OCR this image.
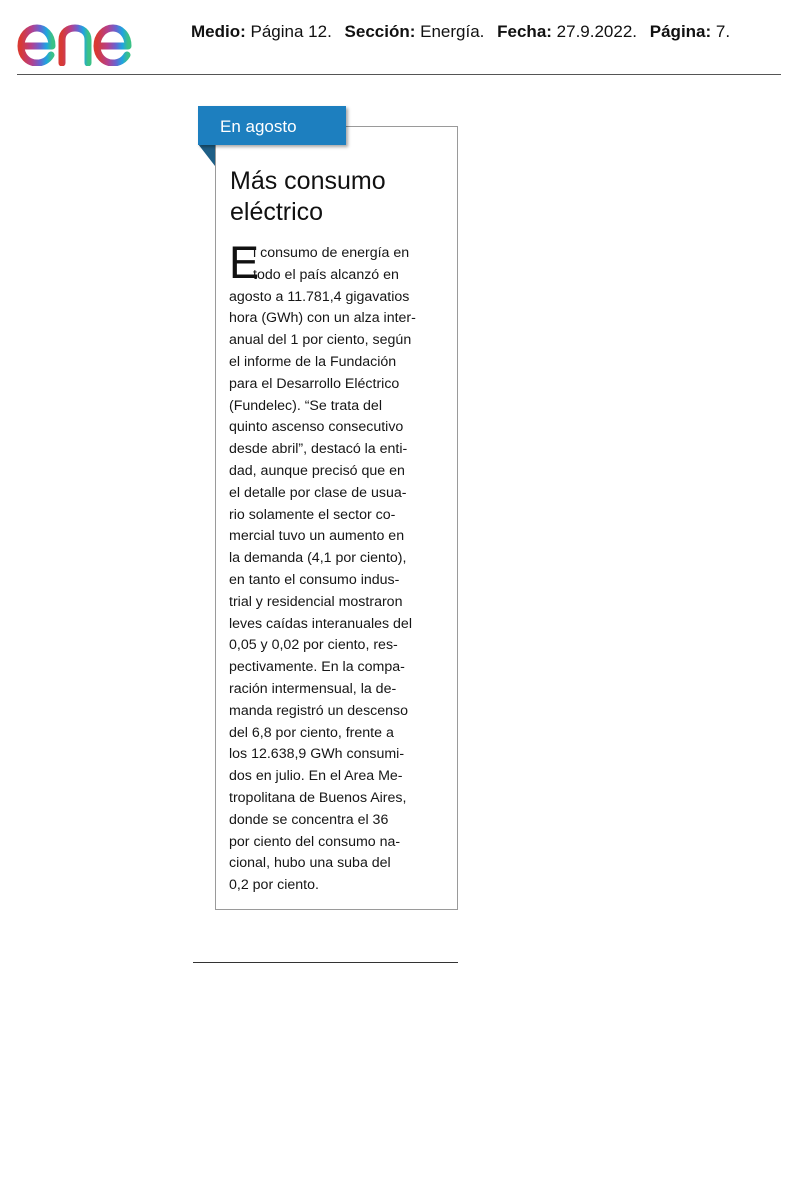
Medio: Página 12. Sección: Energía. Fecha: 27.9.2022. Página: 7.
En agosto
Más consumo
eléctrico
E
l consumo de energía en
todo el país alcanzó en
agosto a 11.781,4 gigavatios
hora (GWh) con un alza inter-
anual del 1 por ciento, según
el informe de la Fundación
para el Desarrollo Eléctrico
(Fundelec). “Se trata del
quinto ascenso consecutivo
desde abril”, destacó la enti-
dad, aunque precisó que en
el detalle por clase de usua-
rio solamente el sector co-
mercial tuvo un aumento en
la demanda (4,1 por ciento),
en tanto el consumo indus-
trial y residencial mostraron
leves caídas interanuales del
0,05 y 0,02 por ciento, res-
pectivamente. En la compa-
ración intermensual, la de-
manda registró un descenso
del 6,8 por ciento, frente a
los 12.638,9 GWh consumi-
dos en julio. En el Area Me-
tropolitana de Buenos Aires,
donde se concentra el 36
por ciento del consumo na-
cional, hubo una suba del
0,2 por ciento.
